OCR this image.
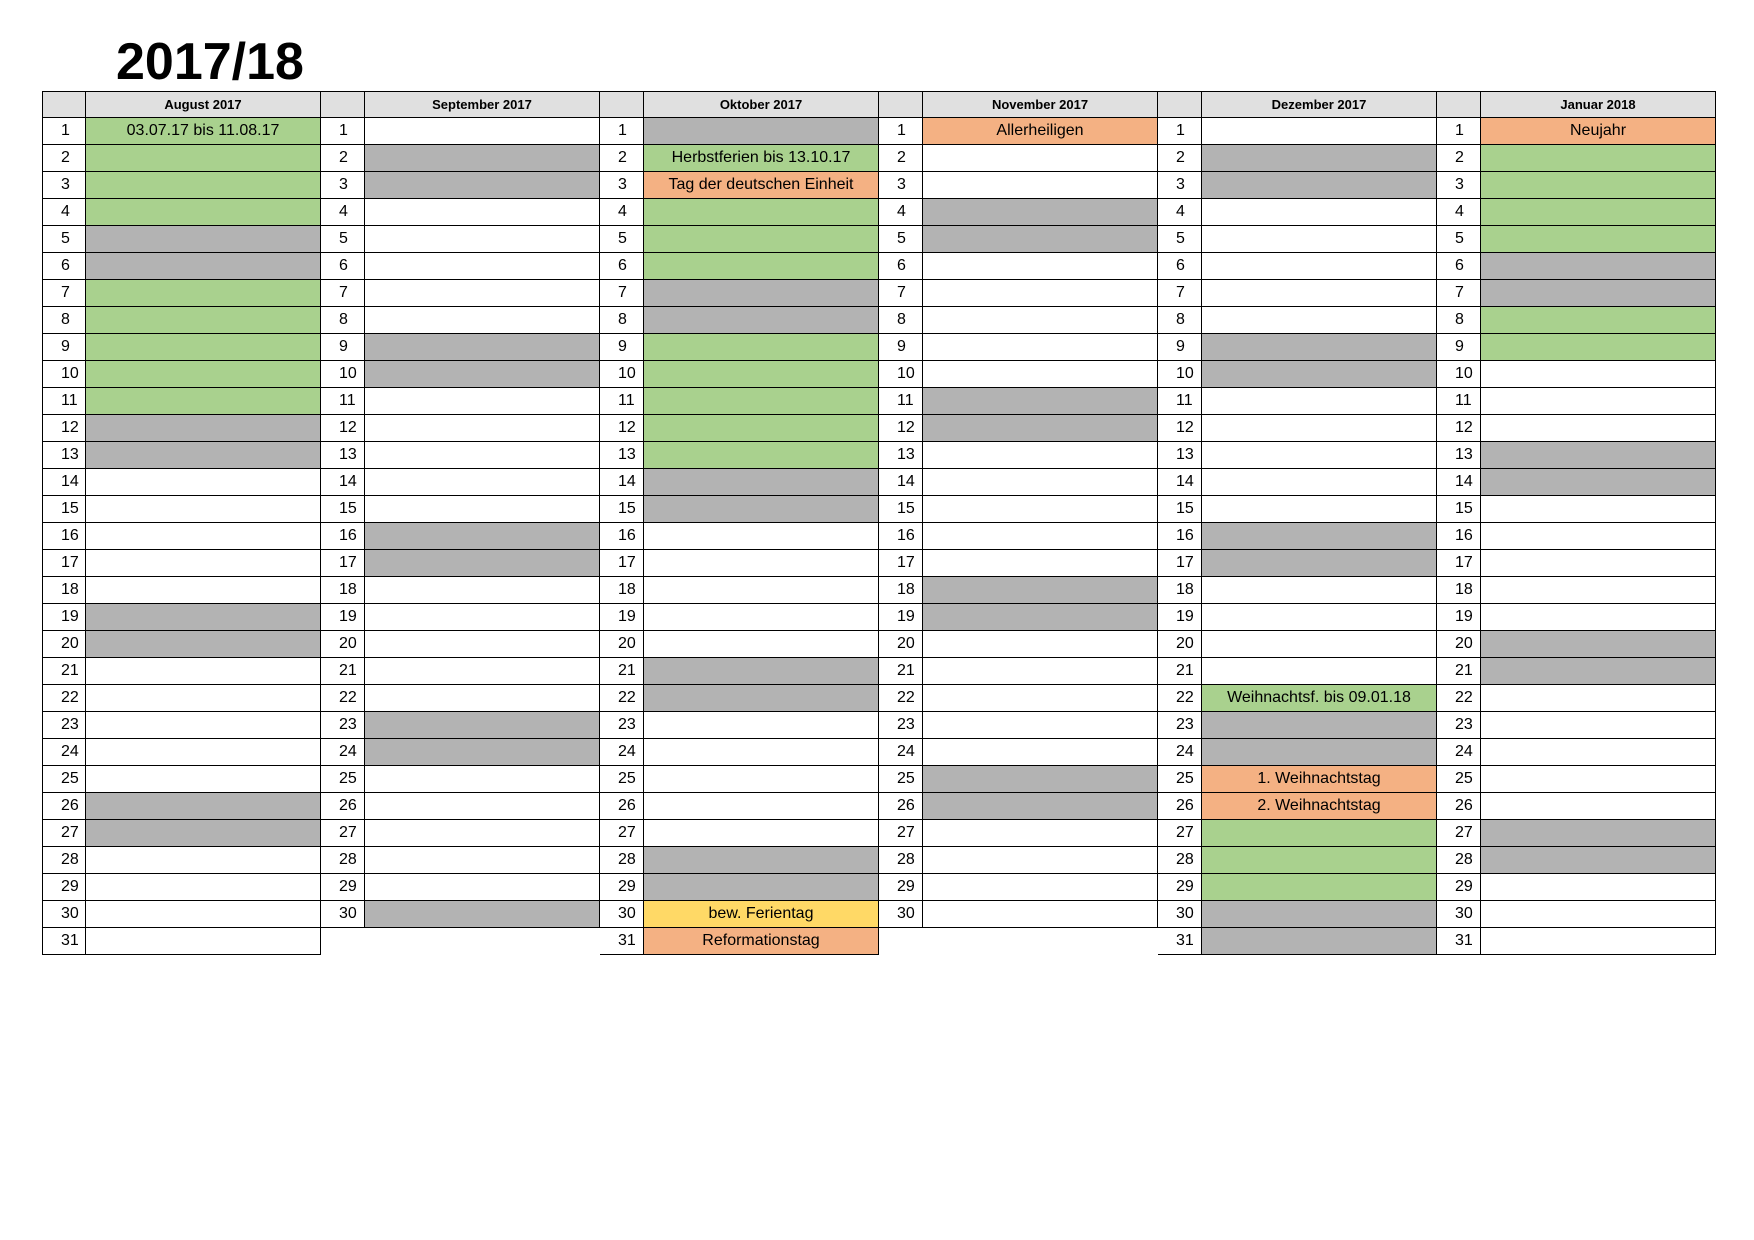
2017/18
August 2017
1	03.07.17 bis 11.08.17
2
3
4
5
6
7
8
9
10
11
12
13
14
15
16
17
18
19
20
21
22
23
24
25
26
27
28
29
30
31
September 2017
1
2
3
4
5
6
7
8
9
10
11
12
13
14
15
16
17
18
19
20
21
22
23
24
25
26
27
28
29
30
Oktober 2017
1
2	Herbstferien bis 13.10.17
3	Tag der deutschen Einheit
4
5
6
7
8
9
10
11
12
13
14
15
16
17
18
19
20
21
22
23
24
25
26
27
28
29
30	bew. Ferientag
31	Reformationstag
November 2017
1	Allerheiligen
2
3
4
5
6
7
8
9
10
11
12
13
14
15
16
17
18
19
20
21
22
23
24
25
26
27
28
29
30
Dezember 2017
1
2
3
4
5
6
7
8
9
10
11
12
13
14
15
16
17
18
19
20
21
22	Weihnachtsf. bis 09.01.18
23
24
25	1. Weihnachtstag
26	2. Weihnachtstag
27
28
29
30
31
Januar 2018
1	Neujahr
2
3
4
5
6
7
8
9
10
11
12
13
14
15
16
17
18
19
20
21
22
23
24
25
26
27
28
29
30
31
